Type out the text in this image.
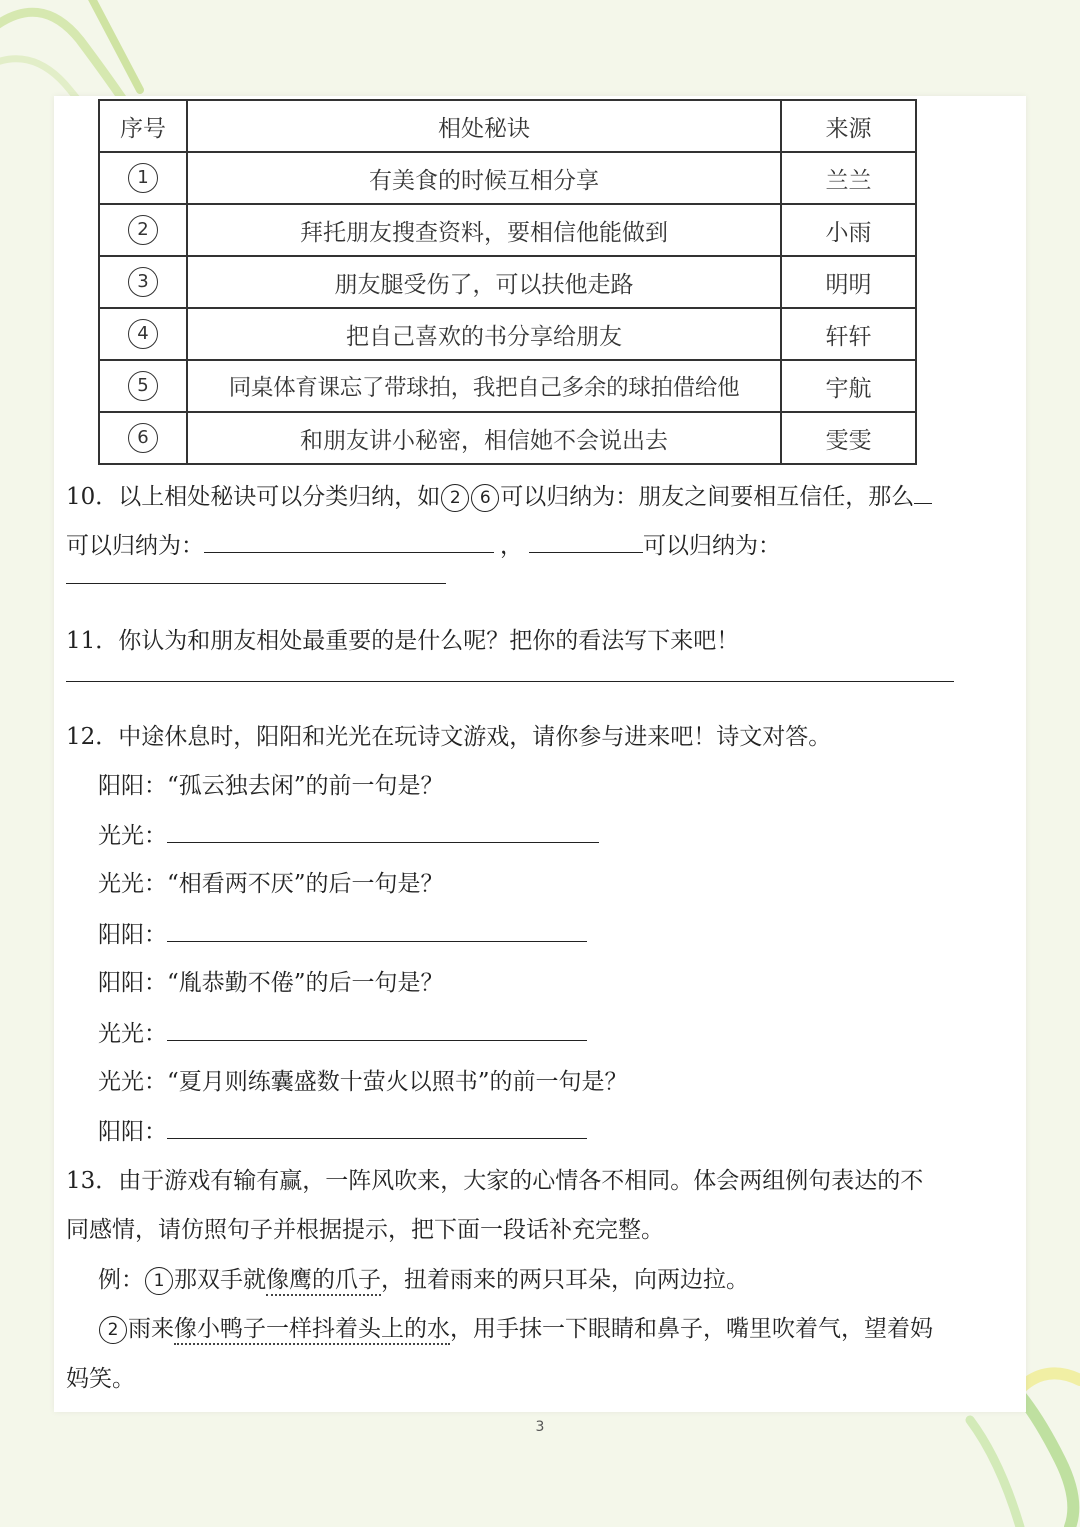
序号	相处秘诀	来源
1	有美食的时候互相分享	兰兰
2	拜托朋友搜查资料，要相信他能做到	小雨
3	朋友腿受伤了，可以扶他走路	明明
4	把自己喜欢的书分享给朋友	轩轩
5	同桌体育课忘了带球拍，我把自己多余的球拍借给他	宇航
6	和朋友讲小秘密，相信她不会说出去	雯雯
10．以上相处秘诀可以分类归纳，如 2 6 可以归纳为：朋友之间要相互信任，那么
可以归纳为：	，	可以归纳为：
11．你认为和朋友相处最重要的是什么呢？把你的看法写下来吧！
12．中途休息时，阳阳和光光在玩诗文游戏，请你参与进来吧！诗文对答。
阳阳：“孤云独去闲”的前一句是？
光光：
光光：“相看两不厌”的后一句是？
阳阳：
阳阳：“胤恭勤不倦”的后一句是？
光光：
光光：“夏月则练囊盛数十萤火以照书”的前一句是？
阳阳：
13．由于游戏有输有赢，一阵风吹来，大家的心情各不相同。体会两组例句表达的不
同感情，请仿照句子并根据提示，把下面一段话补充完整。
例： 1 那双手就像鹰的爪子，扭着雨来的两只耳朵，向两边拉。
2 雨来像小鸭子一样抖着头上的水，用手抹一下眼睛和鼻子，嘴里吹着气，望着妈
妈笑。
3
